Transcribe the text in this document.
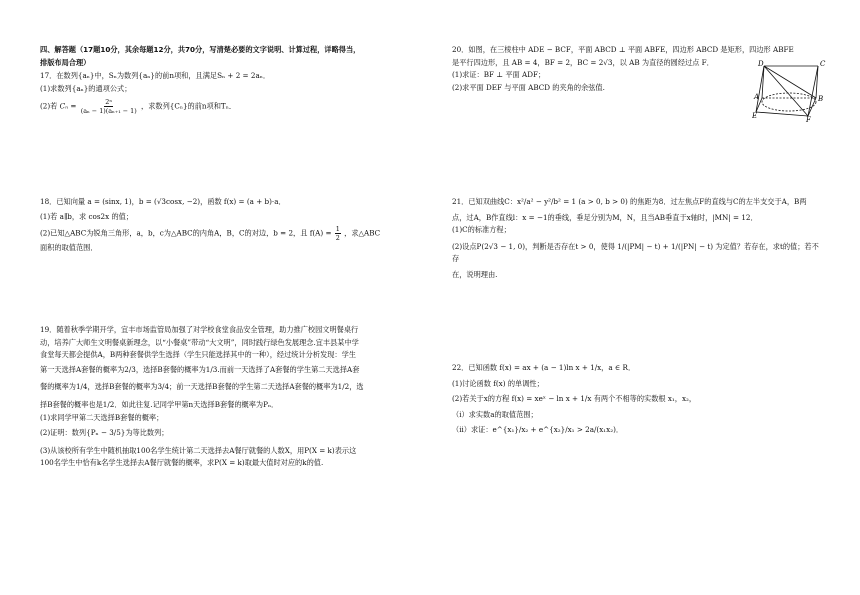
四、解答题（17题10分，其余每题12分，共70分，写清楚必要的文字说明、计算过程，详略得当，

排版布局合理）

17．在数列{aₙ}中，Sₙ为数列{aₙ}的前n项和，且满足Sₙ + 2 = 2aₙ．

(1)求数列{aₙ}的通项公式；

(2)若 $C_n = \frac{\text{2ⁿ}}{\text{(aₙ − 1)(aₙ₊₁ − 1)}}$ ，求数列{Cₙ}的前n项和Tₙ．

18．已知向量 a = (sinx, 1)，b = (√3cosx, −2)，函数 f(x) = (a + b)·a．

(1)若 a∥b，求 cos2x 的值；

(2)已知△ABC为锐角三角形，a，b，c为△ABC的内角A，B，C的对边，b = 2，且 $f(A) = \frac{1}{2}$ ，求△ABC

面积的取值范围．

19．随着秋季学期开学，宜丰市场监管局加强了对学校食堂食品安全管理，助力推广校园文明餐桌行

动，培养广大师生文明餐桌新理念，以“小餐桌”带动“大文明”，同时践行绿色发展理念.宜丰县某中学

食堂每天都会提供A，B两种套餐供学生选择（学生只能选择其中的一种），经过统计分析发现：学生

第一天选择A套餐的概率为2/3，选择B套餐的概率为1/3.而前一天选择了A套餐的学生第二天选择A套

餐的概率为1/4，选择B套餐的概率为3/4；前一天选择B套餐的学生第二天选择A套餐的概率为1/2，选

择B套餐的概率也是1/2．如此往复.记同学甲第n天选择B套餐的概率为Pₙ．

(1)求同学甲第二天选择B套餐的概率；

(2)证明：数列{Pₙ − 3/5}为等比数列；

(3)从该校所有学生中随机抽取100名学生统计第二天选择去A餐厅就餐的人数X，用P(X = k)表示这

100名学生中恰有k名学生选择去A餐厅就餐的概率，求P(X = k)取最大值时对应的k的值.

20．如图，在三棱柱中 ADE − BCF，平面 ABCD ⊥ 平面 ABFE，四边形 ABCD 是矩形，四边形 ABFE

是平行四边形，且 AB = 4，BF = 2，BC = 2√3，以 AB 为直径的圆经过点 F．

(1)求证：BF ⊥ 平面 ADF；

(2)求平面 DEF 与平面 ABCD 的夹角的余弦值.

D	C
A	B
E	F

21．已知双曲线C：x²/a² − y²/b² = 1 (a > 0, b > 0) 的焦距为8．过左焦点F的直线与C的左半支交于A，B两

点，过A，B作直线l：x = −1的垂线，垂足分别为M，N，且当AB垂直于x轴时，|MN| = 12．

(1)C的标准方程；

(2)设点P(2√3 − 1, 0)，判断是否存在t > 0，使得 1/(|PM| − t) + 1/(|PN| − t) 为定值？若存在，求t的值；若不存

在，说明理由.

22．已知函数 f(x) = ax + (a − 1)ln x + 1/x，a ∈ R．

(1)讨论函数 f(x) 的单调性；

(2)若关于x的方程 f(x) = xeˣ − ln x + 1/x 有两个不相等的实数根 x₁，x₂，

（i）求实数a的取值范围；

（ii）求证：e^{x₁}/x₂ + e^{x₂}/x₁ > 2a/(x₁x₂)．
